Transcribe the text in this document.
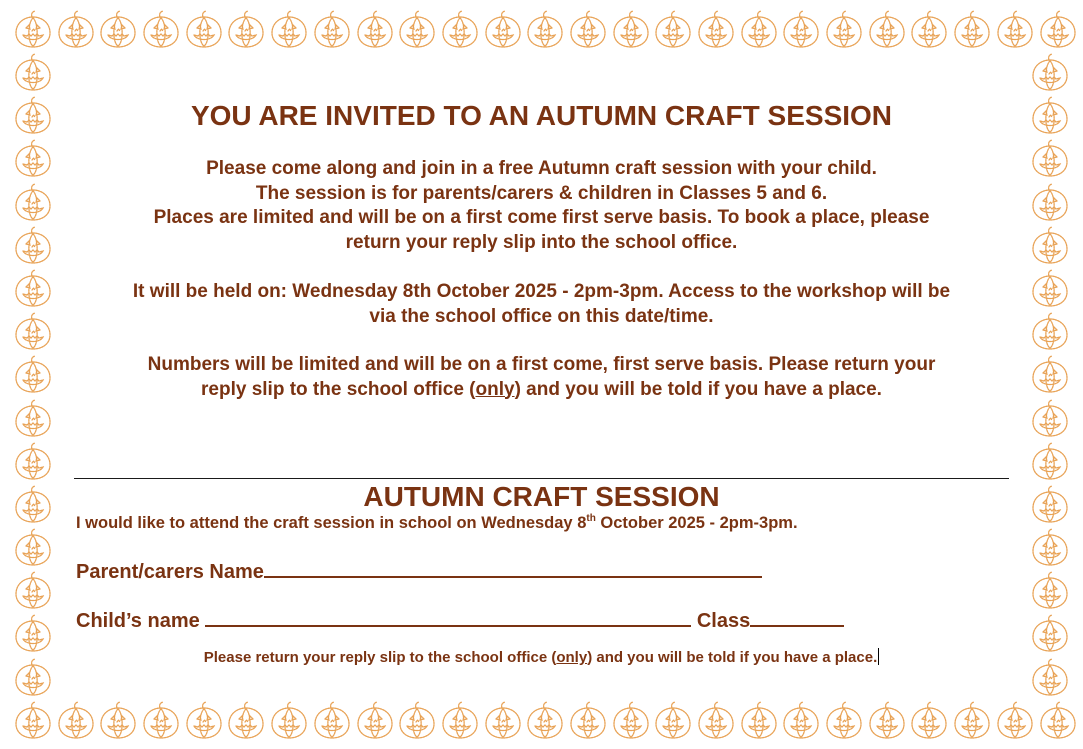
YOU ARE INVITED TO AN AUTUMN CRAFT SESSION
Please come along and join in a free Autumn craft session with your child.
The session is for parents/carers & children in Classes 5 and 6.
Places are limited and will be on a first come first serve basis. To book a place, please
return your reply slip into the school office.
It will be held on: Wednesday 8th October 2025 - 2pm-3pm. Access to the workshop will be
via the school office on this date/time.
Numbers will be limited and will be on a first come, first serve basis. Please return your
reply slip to the school office (only) and you will be told if you have a place.
AUTUMN CRAFT SESSION
I would like to attend the craft session in school on Wednesday 8th October 2025 - 2pm-3pm.
Parent/carers Name
Child’s name	Class
Please return your reply slip to the school office (only) and you will be told if you have a place.
